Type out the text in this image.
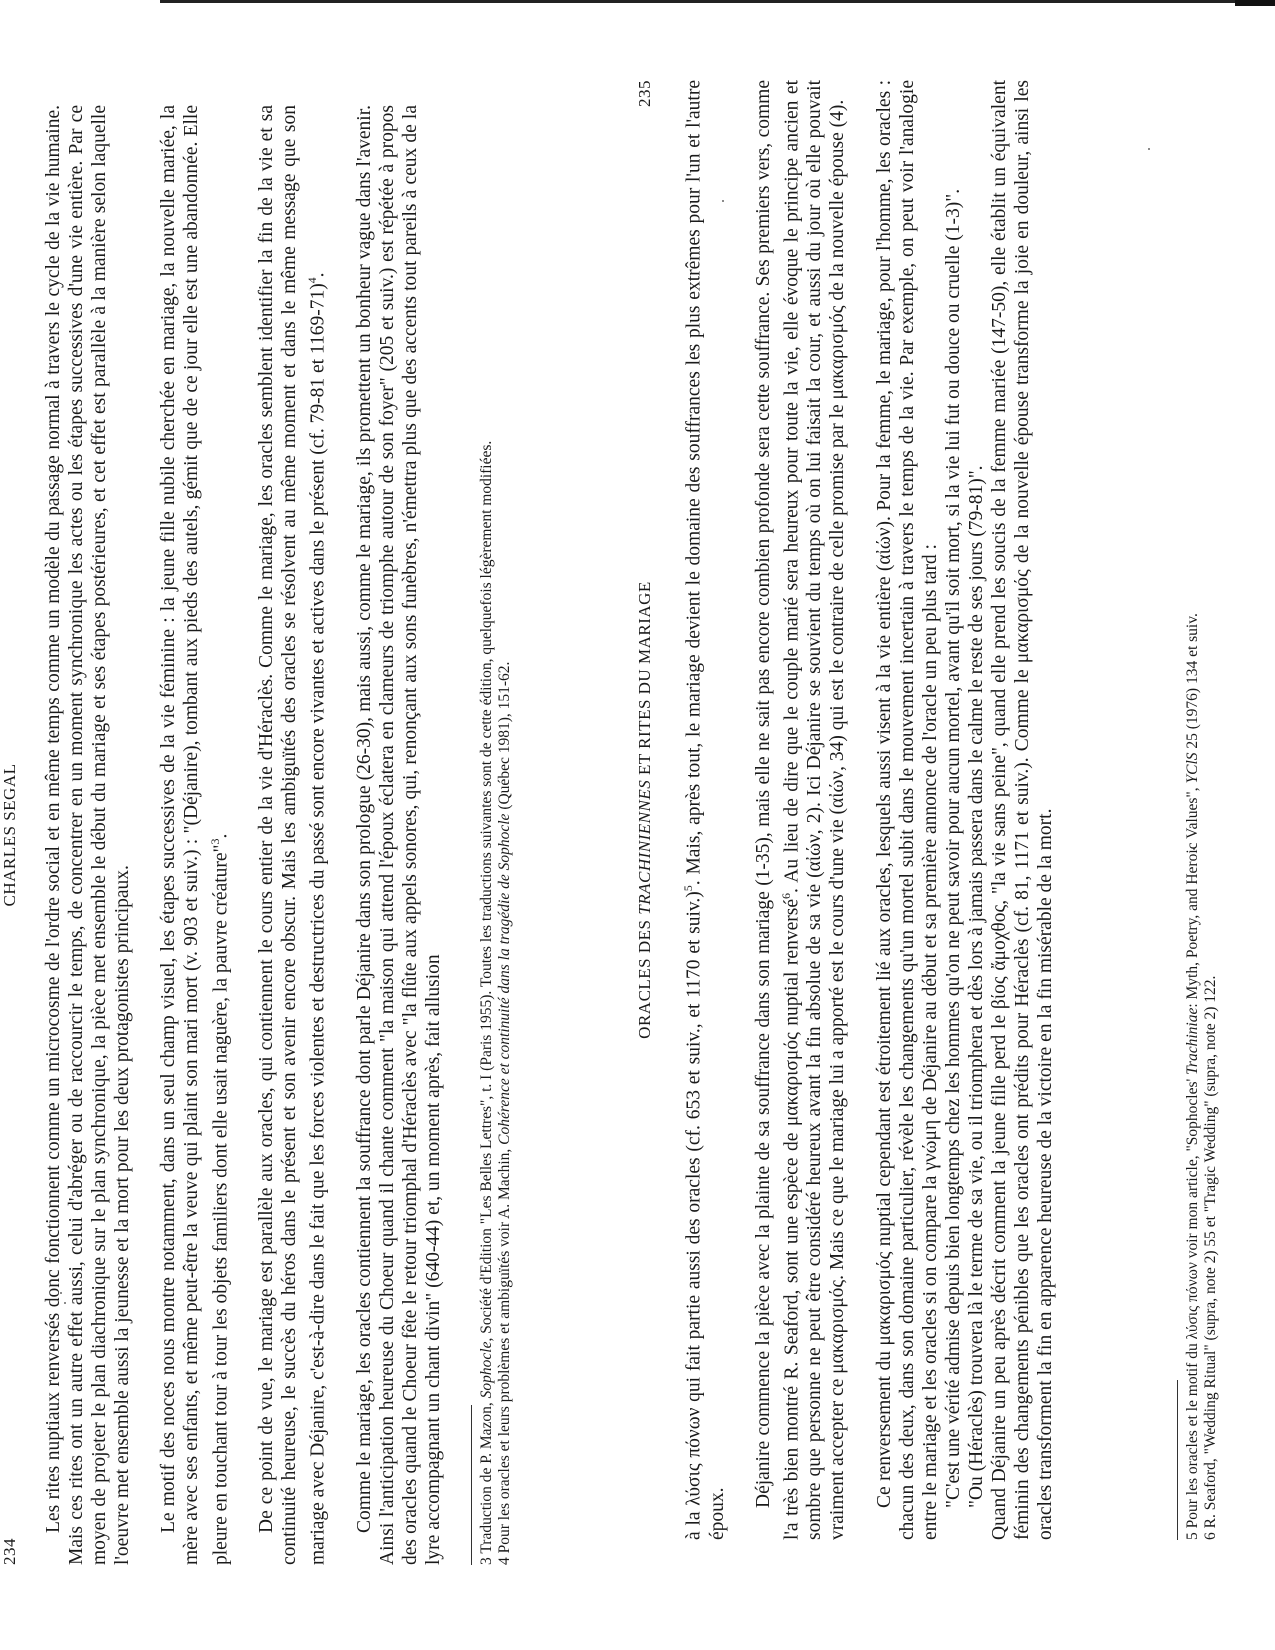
234
CHARLES SEGAL Les rites nuptiaux renversés donc fonctionnent comme un microcosme de l'ordre social et en même temps comme un modèle du passage normal à travers le cycle de la vie humaine. Mais ces rites ont un autre effet aussi, celui d'abréger ou de raccourcir le temps, de concentrer en un moment synchronique les actes ou les étapes successives d'une vie entière. Par ce moyen de projeter le plan diachronique sur le plan synchronique, la pièce met ensemble le début du mariage et ses étapes postérieures, et cet effet est parallèle à la manière selon laquelle l'oeuvre met ensemble aussi la jeunesse et la mort pour les deux protagonistes principaux. Le motif des noces nous montre notamment, dans un seul champ visuel, les étapes successives de la vie féminine : la jeune fille nubile cherchée en mariage, la nouvelle mariée, la mère avec ses enfants, et même peut-être la veuve qui plaint son mari mort (v. 903 et suiv.) : "(Déjanire), tombant aux pieds des autels, gémit que de ce jour elle est une abandonnée. Elle pleure en touchant tour à tour les objets familiers dont elle usait naguère, la pauvre créature"$^3$. De ce point de vue, le mariage est parallèle aux oracles, qui contiennent le cours entier de la vie d'Héraclès. Comme le mariage, les oracles semblent identifier la fin de la vie et sa continuité heureuse, le succès du héros dans le présent et son avenir encore obscur. Mais les ambiguïtés des oracles se résolvent au même moment et dans le même message que son mariage avec Déjanire, c'est-à-dire dans le fait que les forces violentes et destructrices du passé sont encore vivantes et actives dans le présent (cf. 79-81 et 1169-71)$^4$. Comme le mariage, les oracles contiennent la souffrance dont parle Déjanire dans son prologue (26-30), mais aussi, comme le mariage, ils promettent un bonheur vague dans l'avenir. Ainsi l'anticipation heureuse du Choeur quand il chante comment "la maison qui attend l'époux éclatera en clameurs de triomphe autour de son foyer" (205 et suiv.) est répétée à propos des oracles quand le Choeur fête le retour triomphal d'Héraclès avec "la flûte aux appels sonores, qui, renonçant aux sons funèbres, n'émettra plus que des accents tout pareils à ceux de la lyre accompagnant un chant divin" (640-44) et, un moment après, fait allusion 3 Traduction de P. Mazon, Sophocle, Société d'Edition "Les Belles Lettres", t. I (Paris 1955). Toutes les traductions suivantes sont de cette édition, quelquefois légèrement modifiées.

4 Pour les oracles et leurs problèmes et ambiguïtés voir A. Machin, Cohérence et continuité dans la tragédie de Sophocle (Québec 1981), 151-62.

ORACLES DES TRACHINIENNES ET RITES DU MARIAGE
235

à la λύσις πόνων qui fait partie aussi des oracles (cf. 653 et suiv., et 1170 et suiv.)$^5$. Mais, après tout, le mariage devient le domaine des souffrances les plus extrêmes pour l'un et l'autre époux.

Déjanire commence la pièce avec la plainte de sa souffrance dans son mariage (1-35), mais elle ne sait pas encore combien profonde sera cette souffrance. Ses premiers vers, comme l'a très bien montré R. Seaford, sont une espèce de μακαρισμός nuptial renversé$^6$. Au lieu de dire que le couple marié sera heureux pour toute la vie, elle évoque le principe ancien et sombre que personne ne peut être considéré heureux avant la fin absolue de sa vie (αἰών, 2). Ici Déjanire se souvient du temps où on lui faisait la cour, et aussi du jour où elle pouvait vraiment accepter ce μακαρισμός. Mais ce que le mariage lui a apporté est le cours d'une vie (αἰών, 34) qui est le contraire de celle promise par le μακαρισμός de la nouvelle épouse (4). Ce renversement du μακαρισμός nuptial cependant est étroitement lié aux oracles, lesquels aussi visent à la vie entière (αἰών). Pour la femme, le mariage, pour l'homme, les oracles : chacun des deux, dans son domaine particulier, révèle les changements qu'un mortel subit dans le mouvement incertain à travers le temps de la vie. Par exemple, on peut voir l'analogie entre le mariage et les oracles si on compare la γνώμη de Déjanire au début et sa première annonce de l'oracle un peu plus tard : "C'est une vérité admise depuis bien longtemps chez les hommes qu'on ne peut savoir pour aucun mortel, avant qu'il soit mort, si la vie lui fut ou douce ou cruelle (1-3)". "Ou (Héraclès) trouvera là le terme de sa vie, ou il triomphera et dès lors à jamais passera dans le calme le reste de ses jours (79-81)". Quand Déjanire un peu après décrit comment la jeune fille perd le βίος ἄμοχθος, "la vie sans peine", quand elle prend les soucis de la femme mariée (147-50), elle établit un équivalent féminin des changements pénibles que les oracles ont prédits pour Héraclès (cf. 81, 1171 et suiv.). Comme le μακαρισμός de la nouvelle épouse transforme la joie en douleur, ainsi les oracles transforment la fin en apparence heureuse de la victoire en la fin misérable de la mort.	5 Pour les oracles et le motif du λύσις πόνων voir mon article, "Sophocles' Trachiniae: Myth, Poetry, and Heroic Values", YClS 25 (1976) 134 et suiv.

6 R. Seaford, "Wedding Ritual" (supra, note 2) 55 et "Tragic Wedding" (supra, note 2) 122.
